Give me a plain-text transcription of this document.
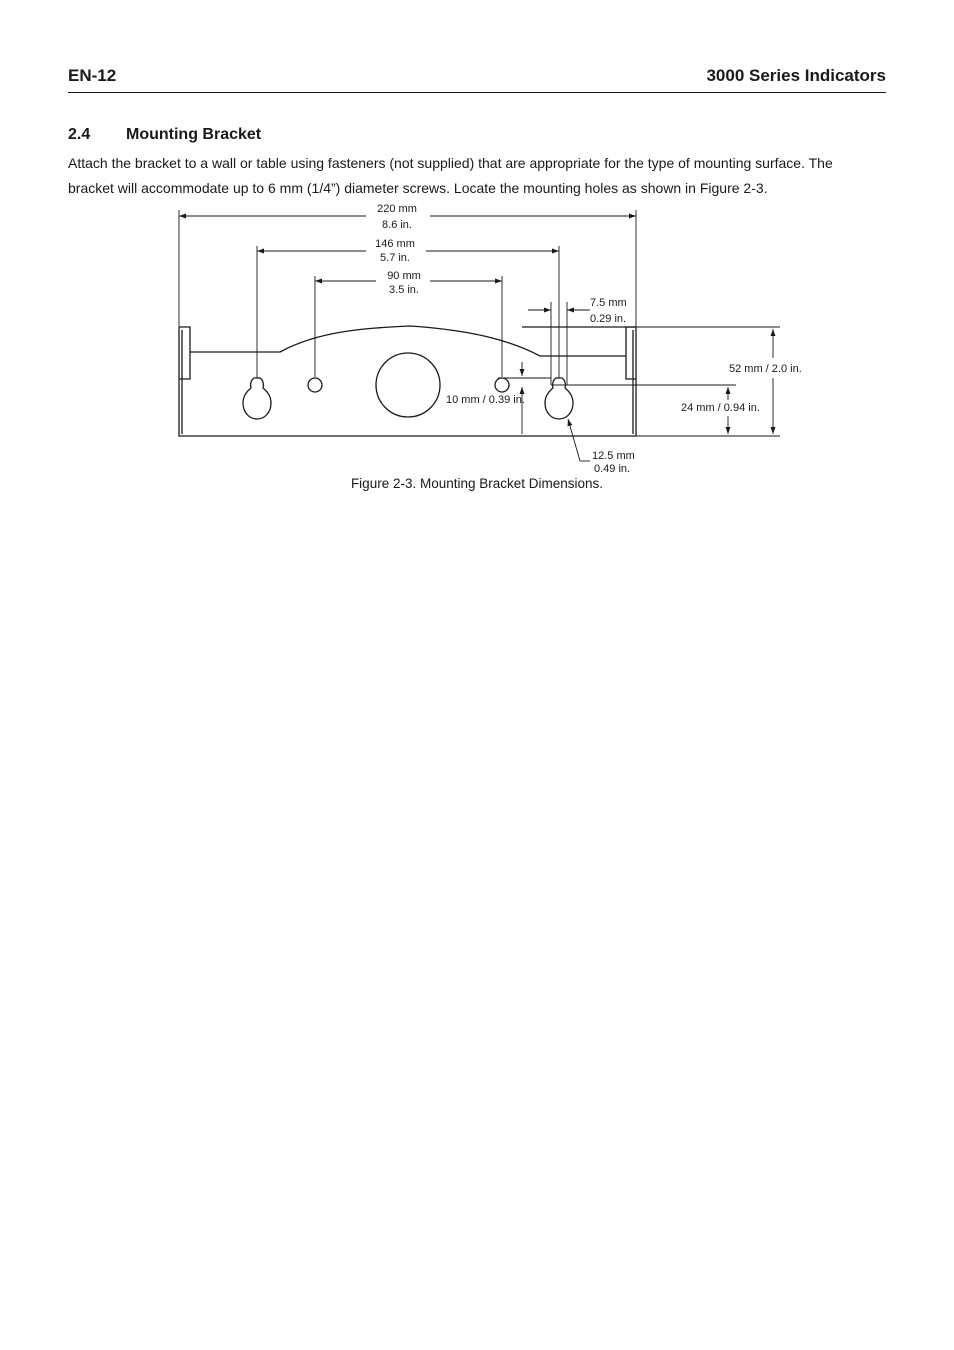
EN-12	3000 Series Indicators
2.4 Mounting Bracket
Attach the bracket to a wall or table using fasteners (not supplied) that are appropriate for the type of mounting surface. The bracket will accommodate up to 6 mm (1/4”) diameter screws. Locate the mounting holes as shown in Figure 2-3.
220 mm
8.6 in.
146 mm
5.7 in.
90 mm
3.5 in.
7.5 mm
0.29 in.
52 mm / 2.0 in.
24 mm / 0.94 in.
10 mm / 0.39 in.
12.5 mm
0.49 in.
Figure 2-3. Mounting Bracket Dimensions.
